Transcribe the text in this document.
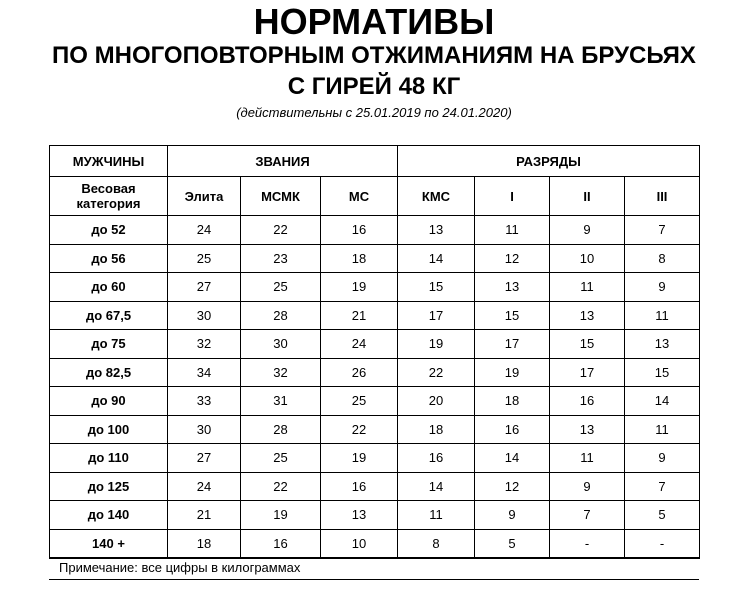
НОРМАТИВЫ
ПО МНОГОПОВТОРНЫМ ОТЖИМАНИЯМ НА БРУСЬЯХ
С ГИРЕЙ 48 КГ
(действительны с 25.01.2019 по 24.01.2020)
МУЖЧИНЫ	ЗВАНИЯ			РАЗРЯДЫ			
Весовая категория	Элита	МСМК	МС	КМС	I	II	III
до 52	24	22	16	13	11	9	7
до 56	25	23	18	14	12	10	8
до 60	27	25	19	15	13	11	9
до 67,5	30	28	21	17	15	13	11
до 75	32	30	24	19	17	15	13
до 82,5	34	32	26	22	19	17	15
до 90	33	31	25	20	18	16	14
до 100	30	28	22	18	16	13	11
до 110	27	25	19	16	14	11	9
до 125	24	22	16	14	12	9	7
до 140	21	19	13	11	9	7	5
140 +	18	16	10	8	5	-	-
Примечание: все цифры в килограммах
